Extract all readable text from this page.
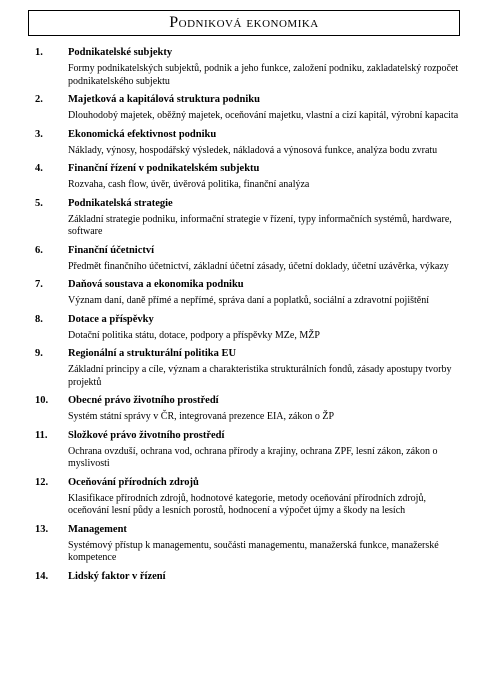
Podniková ekonomika
1. Podnikatelské subjekty
Formy podnikatelských subjektů, podnik a jeho funkce, založení podniku, zakladatelský rozpočet podnikatelského subjektu
2. Majetková a kapitálová struktura podniku
Dlouhodobý majetek, oběžný majetek, oceňování majetku, vlastní a cizí kapitál, výrobní kapacita
3. Ekonomická efektivnost podniku
Náklady, výnosy, hospodářský výsledek, nákladová a výnosová funkce, analýza bodu zvratu
4. Finanční řízení v podnikatelském subjektu
Rozvaha, cash flow, úvěr, úvěrová politika, finanční analýza
5. Podnikatelská strategie
Základní strategie podniku, informační strategie v řízení, typy informačních systémů, hardware, software
6. Finanční účetnictví
Předmět finančního účetnictví, základní účetní zásady, účetní doklady, účetní uzávěrka, výkazy
7. Daňová soustava a ekonomika podniku
Význam daní, daně přímé a nepřímé, správa daní a poplatků, sociální a zdravotní pojištění
8. Dotace a příspěvky
Dotační politika státu, dotace, podpory a příspěvky MZe, MŽP
9. Regionální a strukturální politika EU
Základní principy a cíle, význam a charakteristika strukturálních fondů, zásady apostupy tvorby projektů
10. Obecné právo životního prostředí
Systém státní správy v ČR, integrovaná prezence EIA, zákon o ŽP
11. Složkové právo životního prostředí
Ochrana ovzduší, ochrana vod, ochrana přírody a krajiny, ochrana ZPF, lesní zákon, zákon o myslivosti
12. Oceňování přírodních zdrojů
Klasifikace přírodních zdrojů, hodnotové kategorie, metody oceňování přírodních zdrojů, oceňování lesní půdy a lesních porostů, hodnocení a výpočet újmy a škody na lesích
13. Management
Systémový přístup k managementu, součásti managementu, manažerská funkce, manažerské kompetence
14. Lidský faktor v řízení
